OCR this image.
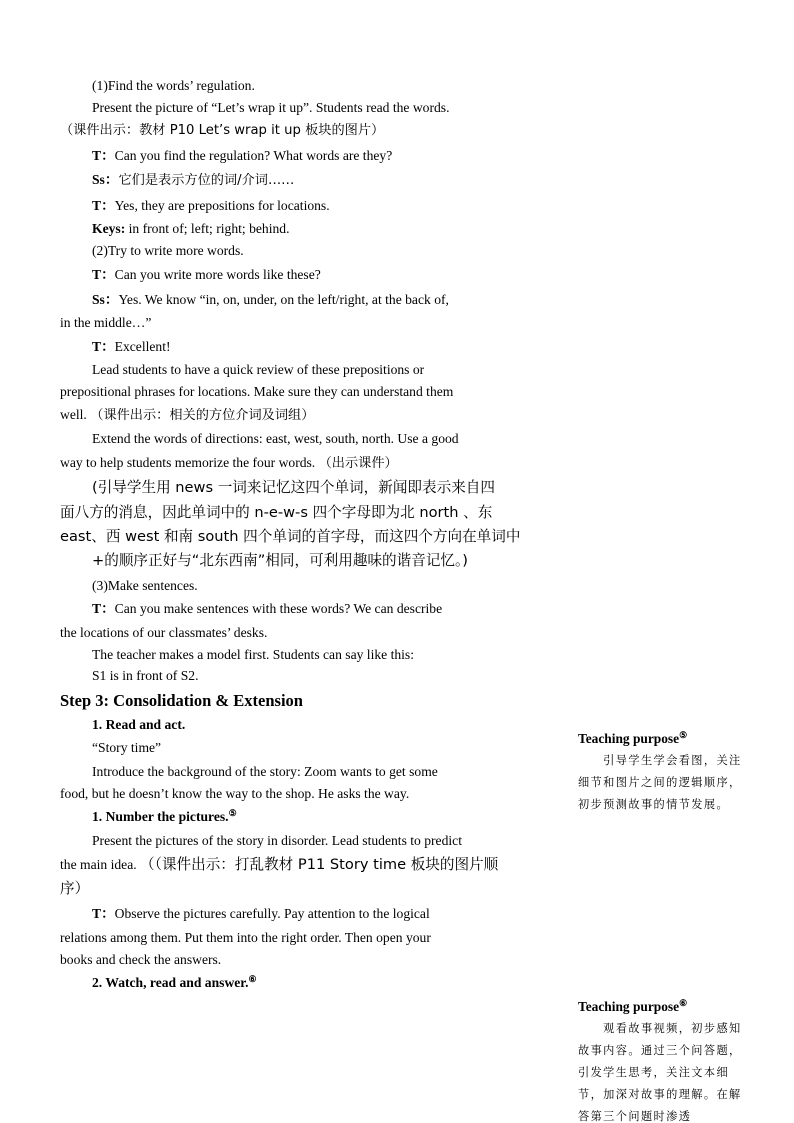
(1)Find the words’ regulation.
Present the picture of “Let’s wrap it up”. Students read the words.
（课件出示：教材 P10 Let’s wrap it up 板块的图片）
T：Can you find the regulation? What words are they?
Ss：它们是表示方位的词/介词……
T：Yes, they are prepositions for locations.
Keys: in front of; left; right; behind.
(2)Try to write more words.
T：Can you write more words like these?
Ss：Yes. We know “in, on, under, on the left/right, at the back of,
in the middle…”
T：Excellent!
Lead students to have a quick review of these prepositions or
prepositional phrases for locations. Make sure they can understand them
well. （课件出示：相关的方位介词及词组）
Extend the words of directions: east, west, south, north. Use a good
way to help students memorize the four words. （出示课件）
(引导学生用 news 一词来记忆这四个单词，新闻即表示来自四
面八方的消息，因此单词中的 n-e-w-s 四个字母即为北 north 、东
east、西 west 和南 south 四个单词的首字母，而这四个方向在单词中
+的顺序正好与“北东西南”相同，可利用趣味的谐音记忆。)
(3)Make sentences.
T：Can you make sentences with these words? We can describe
the locations of our classmates’ desks.
The teacher makes a model first. Students can say like this:
S1 is in front of S2.
Step 3: Consolidation & Extension
1. Read and act.
“Story time”
Introduce the background of the story: Zoom wants to get some
food, but he doesn’t know the way to the shop. He asks the way.
1. Number the pictures.⑤
Present the pictures of the story in disorder. Lead students to predict
the main idea. （（课件出示：打乱教材 P11 Story time 板块的图片顺
序）
T：Observe the pictures carefully. Pay attention to the logical
relations among them. Put them into the right order. Then open your
books and check the answers.
2. Watch, read and answer.⑥
Teaching purpose⑤
　　引导学生学会看图，关注细节和图片之间的逻辑顺序，初步预测故事的情节发展。
Teaching purpose⑥
　　观看故事视频，初步感知故事内容。通过三个问答题，引发学生思考，关注文本细节，加深对故事的理解。在解答第三个问题时渗透
